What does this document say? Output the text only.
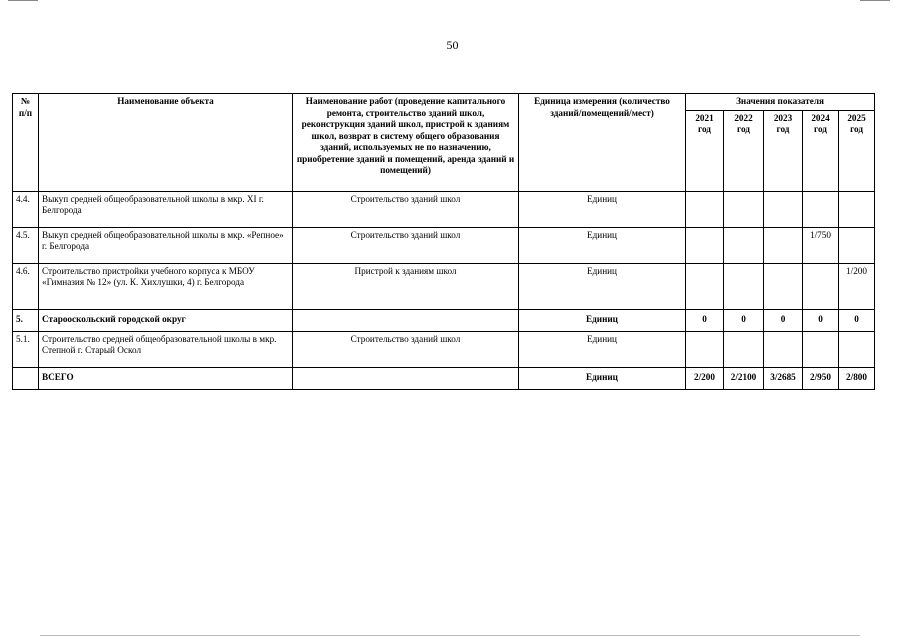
50
№ п/п	Наименование объекта	Наименование работ (проведение капитального ремонта, строительство зданий школ, реконструкция зданий школ, пристрой к зданиям школ, возврат в систему общего образования зданий, используемых не по назначению, приобретение зданий и помещений, аренда зданий и помещений)	Единица измерения (количество зданий/помещений/мест)	Значения показателя				
				2021 год	2022 год	2023 год	2024 год	2025 год
4.4.	Выкуп средней общеобразовательной школы в мкр. XI г. Белгорода	Строительство зданий школ	Единиц					
4.5.	Выкуп средней общеобразовательной школы в мкр. «Репное» г. Белгорода	Строительство зданий школ	Единиц				1/750	
4.6.	Строительство пристройки учебного корпуса к МБОУ «Гимназия № 12» (ул. К. Хихлушки, 4) г. Белгорода	Пристрой к зданиям школ	Единиц					1/200
5.	Старооскольский городской округ		Единиц	0	0	0	0	0
5.1.	Строительство средней общеобразовательной школы в мкр. Степной г. Старый Оскол	Строительство зданий школ	Единиц					
	ВСЕГО		Единиц	2/200	2/2100	3/2685	2/950	2/800
